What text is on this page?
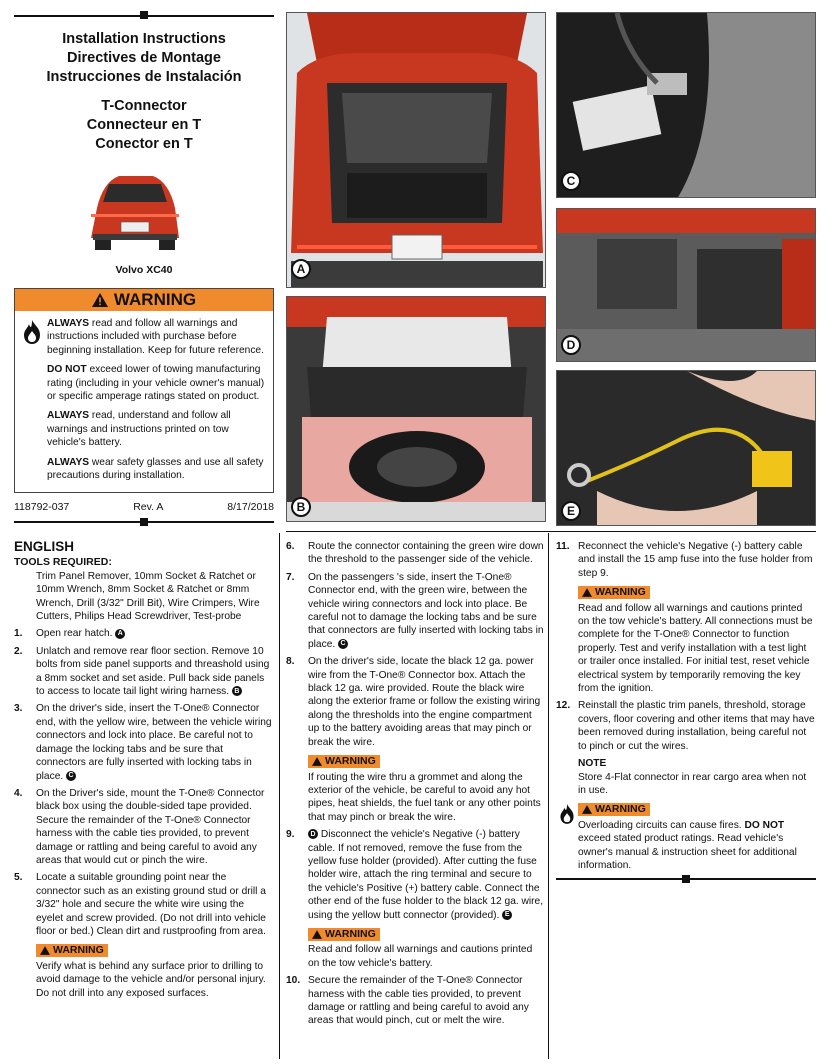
Installation Instructions
Directives de Montage
Instrucciones de Instalación
T-Connector
Connecteur en T
Conector en T
Volvo XC40
WARNING

ALWAYS read and follow all warnings and instructions included with purchase before beginning installation. Keep for future reference.

DO NOT exceed lower of towing manufacturing rating (including in your vehicle owner's manual) or specific amperage ratings stated on product.

ALWAYS read, understand and follow all warnings and instructions printed on tow vehicle's battery.

ALWAYS wear safety glasses and use all safety precautions during installation.

118792-037	Rev. A	8/17/2018
A
B
C
D
E
ENGLISH
TOOLS REQUIRED:
Trim Panel Remover, 10mm Socket & Ratchet or 10mm Wrench, 8mm Socket & Ratchet or 8mm Wrench, Drill (3/32" Drill Bit), Wire Crimpers, Wire Cutters, Philips Head Screwdriver, Test-probe
1.	Open rear hatch. A
2.	Unlatch and remove rear floor section. Remove 10 bolts from side panel supports and threashold using a 8mm socket and set aside. Pull back side panels to access to locate tail light wiring harness. B
3.	On the driver's side, insert the T-One® Connector end, with the yellow wire, between the vehicle wiring connectors and lock into place. Be careful not to damage the locking tabs and be sure that connectors are fully inserted with locking tabs in place. C
4.	On the Driver's side, mount the T-One® Connector black box using the double-sided tape provided. Secure the remainder of the T-One® Connector harness with the cable ties provided, to prevent damage or rattling and being careful to avoid any areas that would cut or pinch the wire.
5.	Locate a suitable grounding point near the connector such as an existing ground stud or drill a 3/32" hole and secure the white wire using the eyelet and screw provided. (Do not drill into vehicle floor or bed.) Clean dirt and rustproofing from area.
WARNING
Verify what is behind any surface prior to drilling to avoid damage to the vehicle and/or personal injury. Do not drill into any exposed surfaces.
6.	Route the connector containing the green wire down the threshold to the passenger side of the vehicle.
7.	On the passengers 's side, insert the T-One® Connector end, with the green wire, between the vehicle wiring connectors and lock into place. Be careful not to damage the locking tabs and be sure that connectors are fully inserted with locking tabs in place. C
8.	On the driver's side, locate the black 12 ga. power wire from the T-One® Connector box. Attach the black 12 ga. wire provided. Route the black wire along the exterior frame or follow the existing wiring along the thresholds into the engine compartment up to the battery avoiding areas that may pinch or break the wire.
WARNING
If routing the wire thru a grommet and along the exterior of the vehicle, be careful to avoid any hot pipes, heat shields, the fuel tank or any other points that may pinch or break the wire.
9.	D Disconnect the vehicle's Negative (-) battery cable. If not removed, remove the fuse from the yellow fuse holder (provided). After cutting the fuse holder wire, attach the ring terminal and secure to the vehicle's Positive (+) battery cable. Connect the other end of the fuse holder to the black 12 ga. wire, using the yellow butt connector (provided). E
WARNING
Read and follow all warnings and cautions printed on the tow vehicle's battery.
10. Secure the remainder of the T-One® Connector harness with the cable ties provided, to prevent damage or rattling and being careful to avoid any areas that would pinch, cut or melt the wire.
11. Reconnect the vehicle's Negative (-) battery cable and install the 15 amp fuse into the fuse holder from step 9.
WARNING
Read and follow all warnings and cautions printed on the tow vehicle's battery. All connections must be complete for the T-One® Connector to function properly. Test and verify installation with a test light or trailer once installed. For initial test, reset vehicle electrical system by temporarily removing the key from the ignition.
12. Reinstall the plastic trim panels, threshold, storage covers, floor covering and other items that may have been removed during installation, being careful not to pinch or cut the wires.
NOTE
Store 4-Flat connector in rear cargo area when not in use.
WARNING
Overloading circuits can cause fires. DO NOT exceed stated product ratings. Read vehicle's owner's manual & instruction sheet for additional information.
